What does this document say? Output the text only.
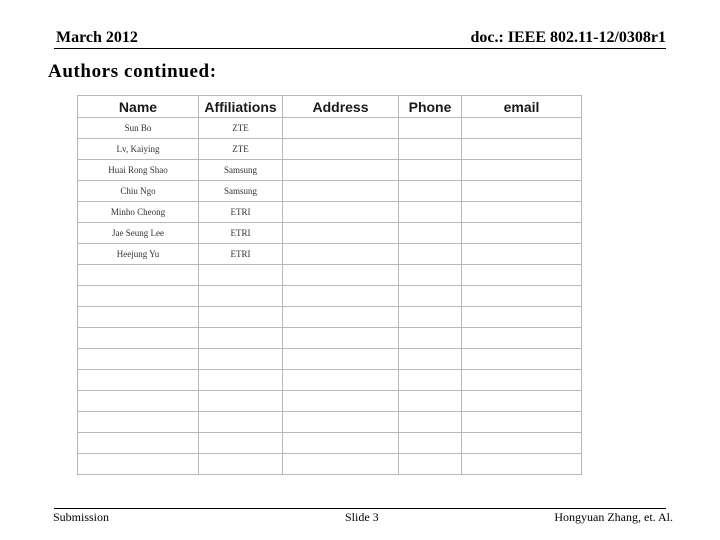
March 2012	doc.: IEEE 802.11-12/0308r1
Authors continued:
Name	Affiliations	Address	Phone	email
Sun Bo	ZTE			
Lv, Kaiying	ZTE			
Huai Rong Shao	Samsung			
Chiu Ngo	Samsung			
Minho Cheong	ETRI			
Jae Seung Lee	ETRI			
Heejung Yu	ETRI			

Submission	Slide 3	Hongyuan Zhang, et. Al.
